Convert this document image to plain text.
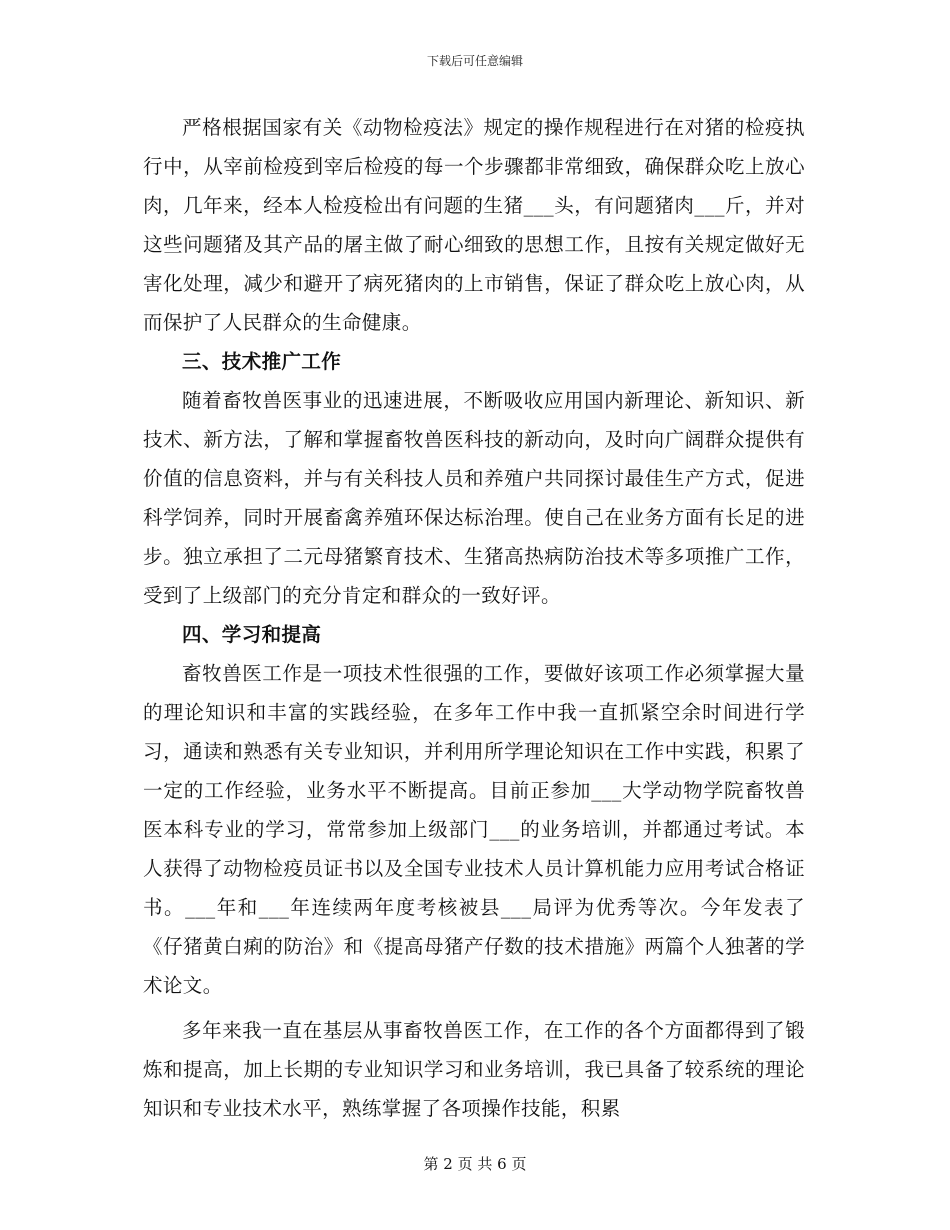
下载后可任意编辑

严格根据国家有关《动物检疫法》规定的操作规程进行在对猪的检疫执行中，从宰前检疫到宰后检疫的每一个步骤都非常细致，确保群众吃上放心肉，几年来，经本人检疫检出有问题的生猪___头，有问题猪肉___斤，并对这些问题猪及其产品的屠主做了耐心细致的思想工作，且按有关规定做好无害化处理，减少和避开了病死猪肉的上市销售，保证了群众吃上放心肉，从而保护了人民群众的生命健康。

三、技术推广工作

随着畜牧兽医事业的迅速进展，不断吸收应用国内新理论、新知识、新技术、新方法，了解和掌握畜牧兽医科技的新动向，及时向广阔群众提供有价值的信息资料，并与有关科技人员和养殖户共同探讨最佳生产方式，促进科学饲养，同时开展畜禽养殖环保达标治理。使自己在业务方面有长足的进步。独立承担了二元母猪繁育技术、生猪高热病防治技术等多项推广工作，受到了上级部门的充分肯定和群众的一致好评。

四、学习和提高

畜牧兽医工作是一项技术性很强的工作，要做好该项工作必须掌握大量的理论知识和丰富的实践经验，在多年工作中我一直抓紧空余时间进行学习，通读和熟悉有关专业知识，并利用所学理论知识在工作中实践，积累了一定的工作经验，业务水平不断提高。目前正参加___大学动物学院畜牧兽医本科专业的学习，常常参加上级部门___的业务培训，并都通过考试。本人获得了动物检疫员证书以及全国专业技术人员计算机能力应用考试合格证书。___年和___年连续两年度考核被县___局评为优秀等次。今年发表了《仔猪黄白痢的防治》和《提高母猪产仔数的技术措施》两篇个人独著的学术论文。

多年来我一直在基层从事畜牧兽医工作，在工作的各个方面都得到了锻炼和提高，加上长期的专业知识学习和业务培训，我已具备了较系统的理论知识和专业技术水平，熟练掌握了各项操作技能，积累

第 2 页 共 6 页
